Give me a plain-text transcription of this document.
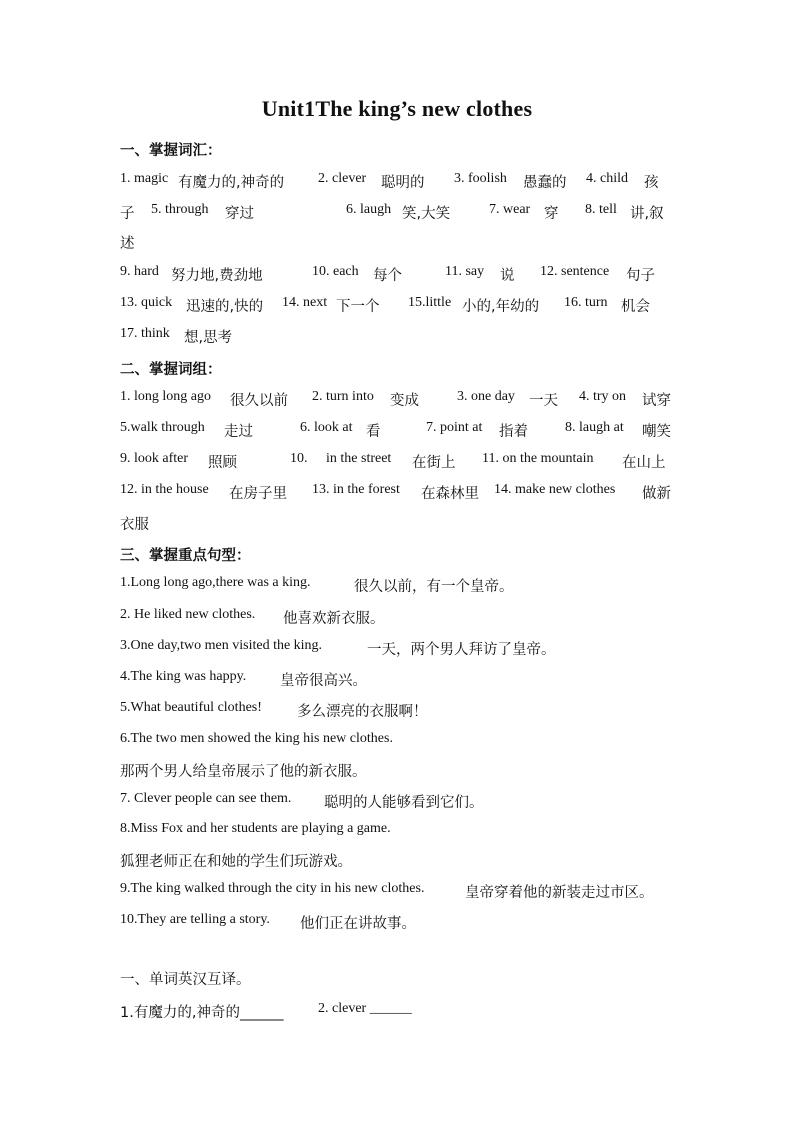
Unit1The king’s new clothes
一、掌握词汇：
1. magic 有魔力的,神奇的 2. clever 聪明的 3. foolish 愚蠢的 4. child 孩
子 5. through 穿过	6. laugh 笑,大笑	7. wear 穿 8. tell 讲,叙
述
9. hard 努力地,费劲地	10. each 每个	11. say 说 12. sentence 句子
13. quick 迅速的,快的 14. next 下一个 15.little 小的,年幼的 16. turn 机会
17. think 想,思考
二、掌握词组：
1. long long ago 很久以前 2. turn into 变成	3. one day 一天 4. try on 试穿
5.walk through 走过	6. look at 看	7. point at 指着	8. laugh at 嘲笑
9. look after 照顾	10. in the street 在街上 11. on the mountain 在山上
12. in the house 在房子里 13. in the forest 在森林里 14. make new clothes 做新
衣服
三、掌握重点句型：
1.Long long ago,there was a king.	很久以前，有一个皇帝。
2. He liked new clothes. 他喜欢新衣服。
3.One day,two men visited the king.	一天，两个男人拜访了皇帝。
4.The king was happy. 皇帝很高兴。
5.What beautiful clothes! 多么漂亮的衣服啊！
6.The two men showed the king his new clothes.
那两个男人给皇帝展示了他的新衣服。
7. Clever people can see them. 聪明的人能够看到它们。
8.Miss Fox and her students are playing a game.
狐狸老师正在和她的学生们玩游戏。
9.The king walked through the city in his new clothes.	皇帝穿着他的新装走过市区。
10.They are telling a story. 他们正在讲故事。
一、单词英汉互译。
1.有魔力的,神奇的______ 2. clever ______
